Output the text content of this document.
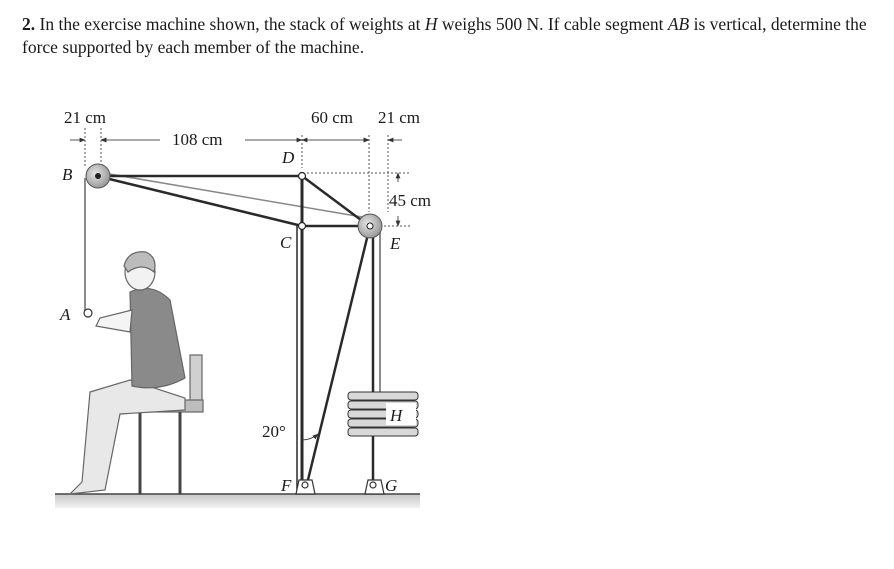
2. In the exercise machine shown, the stack of weights at H weighs 500 N. If cable segment AB is vertical, determine the force supported by each member of the machine.
21 cm
108 cm
60 cm 21 cm
45 cm
B
A
D
C	E
H
F	G
20°
